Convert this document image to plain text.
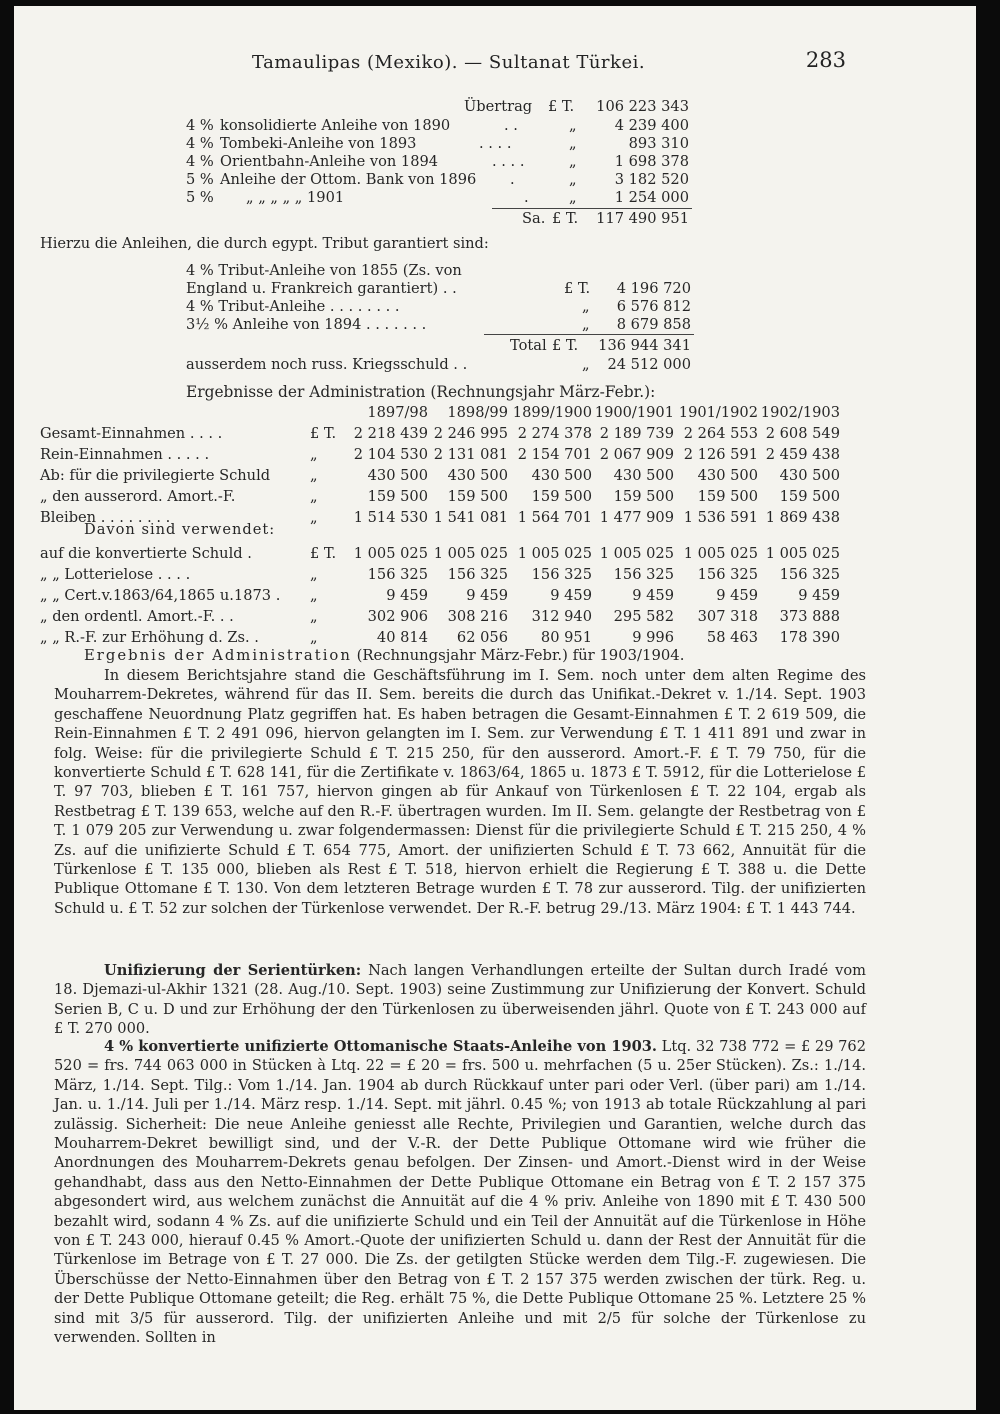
Tamaulipas (Mexiko). — Sultanat Türkei.	283
Übertrag £ T.	106 223 343
4 % konsolidierte Anleihe von 1890	. .	„	4 239 400
4 % Tombeki-Anleihe von 1893	. . . .	„	893 310
4 % Orientbahn-Anleihe von 1894	. . . .	„	1 698 378
5 % Anleihe der Ottom. Bank von 1896 .	„	3 182 520
5 % „ „ „ „ „ 1901	.	„	1 254 000
Sa. £ T.	117 490 951
Hierzu die Anleihen, die durch egypt. Tribut garantiert sind:
4 % Tribut-Anleihe von 1855 (Zs. von
England u. Frankreich garantiert) . .	£ T.	4 196 720
4 % Tribut-Anleihe . . . . . . . .	„	6 576 812
3½ % Anleihe von 1894 . . . . . . .	„	8 679 858
Total £ T.	136 944 341
ausserdem noch russ. Kriegsschuld . .	„	24 512 000
Ergebnisse der Administration (Rechnungsjahr März-Febr.):
		1897/98	1898/99	1899/1900	1900/1901	1901/1902	1902/1903
Gesamt-Einnahmen . . . .	£ T.	2 218 439	2 246 995	2 274 378	2 189 739	2 264 553	2 608 549
Rein-Einnahmen . . . . .	„	2 104 530	2 131 081	2 154 701	2 067 909	2 126 591	2 459 438
Ab: für die privilegierte Schuld	„	430 500	430 500	430 500	430 500	430 500	430 500
„ den ausserord. Amort.-F.	„	159 500	159 500	159 500	159 500	159 500	159 500
Bleiben . . . . . . . .	„	1 514 530	1 541 081	1 564 701	1 477 909	1 536 591	1 869 438
Davon sind verwendet:
auf die konvertierte Schuld .	£ T.	1 005 025	1 005 025	1 005 025	1 005 025	1 005 025	1 005 025
„ „ Lotterielose . . . .	„	156 325	156 325	156 325	156 325	156 325	156 325
„ „ Cert.v.1863/64,1865 u.1873 .	„	9 459	9 459	9 459	9 459	9 459	9 459
„ den ordentl. Amort.-F. . .	„	302 906	308 216	312 940	295 582	307 318	373 888
„ „ R.-F. zur Erhöhung d. Zs. .	„	40 814	62 056	80 951	9 996	58 463	178 390
Ergebnis der Administration (Rechnungsjahr März-Febr.) für 1903/1904.
In diesem Berichtsjahre stand die Geschäftsführung im I. Sem. noch unter dem alten Regime des Mouharrem-Dekretes, während für das II. Sem. bereits die durch das Unifikat.-Dekret v. 1./14. Sept. 1903 geschaffene Neuordnung Platz gegriffen hat. Es haben betragen die Gesamt-Einnahmen £ T. 2 619 509, die Rein-Einnahmen £ T. 2 491 096, hiervon gelangten im I. Sem. zur Verwendung £ T. 1 411 891 und zwar in folg. Weise: für die privilegierte Schuld £ T. 215 250, für den ausserord. Amort.-F. £ T. 79 750, für die konvertierte Schuld £ T. 628 141, für die Zertifikate v. 1863/64, 1865 u. 1873 £ T. 5912, für die Lotterielose £ T. 97 703, blieben £ T. 161 757, hiervon gingen ab für Ankauf von Türkenlosen £ T. 22 104, ergab als Restbetrag £ T. 139 653, welche auf den R.-F. übertragen wurden. Im II. Sem. gelangte der Restbetrag von £ T. 1 079 205 zur Verwendung u. zwar folgendermassen: Dienst für die privilegierte Schuld £ T. 215 250, 4 % Zs. auf die unifizierte Schuld £ T. 654 775, Amort. der unifizierten Schuld £ T. 73 662, Annuität für die Türkenlose £ T. 135 000, blieben als Rest £ T. 518, hiervon erhielt die Regierung £ T. 388 u. die Dette Publique Ottomane £ T. 130. Von dem letzteren Betrage wurden £ T. 78 zur ausserord. Tilg. der unifizierten Schuld u. £ T. 52 zur solchen der Türkenlose verwendet. Der R.-F. betrug 29./13. März 1904: £ T. 1 443 744.
Unifizierung der Serientürken: Nach langen Verhandlungen erteilte der Sultan durch Iradé vom 18. Djemazi-ul-Akhir 1321 (28. Aug./10. Sept. 1903) seine Zustimmung zur Unifizierung der Konvert. Schuld Serien B, C u. D und zur Erhöhung der den Türkenlosen zu überweisenden jährl. Quote von £ T. 243 000 auf £ T. 270 000.
4 % konvertierte unifizierte Ottomanische Staats-Anleihe von 1903. Ltq. 32 738 772 = £ 29 762 520 = frs. 744 063 000 in Stücken à Ltq. 22 = £ 20 = frs. 500 u. mehrfachen (5 u. 25er Stücken). Zs.: 1./14. März, 1./14. Sept. Tilg.: Vom 1./14. Jan. 1904 ab durch Rückkauf unter pari oder Verl. (über pari) am 1./14. Jan. u. 1./14. Juli per 1./14. März resp. 1./14. Sept. mit jährl. 0.45 %; von 1913 ab totale Rückzahlung al pari zulässig. Sicherheit: Die neue Anleihe geniesst alle Rechte, Privilegien und Garantien, welche durch das Mouharrem-Dekret bewilligt sind, und der V.-R. der Dette Publique Ottomane wird wie früher die Anordnungen des Mouharrem-Dekrets genau befolgen. Der Zinsen- und Amort.-Dienst wird in der Weise gehandhabt, dass aus den Netto-Einnahmen der Dette Publique Ottomane ein Betrag von £ T. 2 157 375 abgesondert wird, aus welchem zunächst die Annuität auf die 4 % priv. Anleihe von 1890 mit £ T. 430 500 bezahlt wird, sodann 4 % Zs. auf die unifizierte Schuld und ein Teil der Annuität auf die Türkenlose in Höhe von £ T. 243 000, hierauf 0.45 % Amort.-Quote der unifizierten Schuld u. dann der Rest der Annuität für die Türkenlose im Betrage von £ T. 27 000. Die Zs. der getilgten Stücke werden dem Tilg.-F. zugewiesen. Die Überschüsse der Netto-Einnahmen über den Betrag von £ T. 2 157 375 werden zwischen der türk. Reg. u. der Dette Publique Ottomane geteilt; die Reg. erhält 75 %, die Dette Publique Ottomane 25 %. Letztere 25 % sind mit 3/5 für ausserord. Tilg. der unifizierten Anleihe und mit 2/5 für solche der Türkenlose zu verwenden. Sollten in
